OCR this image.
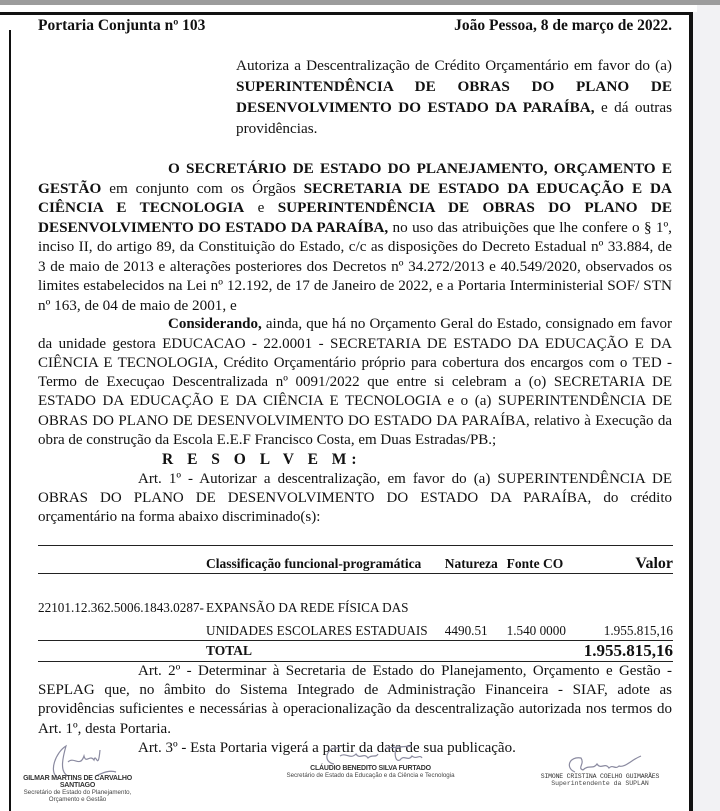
Portaria Conjunta nº 103	João Pessoa, 8 de março de 2022.

Autoriza a Descentralização de Crédito Orçamentário em favor do (a) SUPERINTENDÊNCIA DE OBRAS DO PLANO DE DESENVOLVIMENTO DO ESTADO DA PARAÍBA, e dá outras providências.

O SECRETÁRIO DE ESTADO DO PLANEJAMENTO, ORÇAMENTO E GESTÃO em conjunto com os Órgãos SECRETARIA DE ESTADO DA EDUCAÇÃO E DA CIÊNCIA E TECNOLOGIA e SUPERINTENDÊNCIA DE OBRAS DO PLANO DE DESENVOLVIMENTO DO ESTADO DA PARAÍBA, no uso das atribuições que lhe confere o § 1º, inciso II, do artigo 89, da Constituição do Estado, c/c as disposições do Decreto Estadual nº 33.884, de 3 de maio de 2013 e alterações posteriores dos Decretos nº 34.272/2013 e 40.549/2020, observados os limites estabelecidos na Lei nº 12.192, de 17 de Janeiro de 2022, e a Portaria Interministerial SOF/ STN nº 163, de 04 de maio de 2001, e

Considerando, ainda, que há no Orçamento Geral do Estado, consignado em favor da unidade gestora EDUCACAO - 22.0001 - SECRETARIA DE ESTADO DA EDUCAÇÃO E DA CIÊNCIA E TECNOLOGIA, Crédito Orçamentário próprio para cobertura dos encargos com o TED - Termo de Execuçao Descentralizada nº 0091/2022 que entre si celebram a (o) SECRETARIA DE ESTADO DA EDUCAÇÃO E DA CIÊNCIA E TECNOLOGIA e o (a) SUPERINTENDÊNCIA DE OBRAS DO PLANO DE DESENVOLVIMENTO DO ESTADO DA PARAÍBA, relativo à Execução da obra de construção da Escola E.E.F Francisco Costa, em Duas Estradas/PB.;

R E S O L V E M:

Art. 1º - Autorizar a descentralização, em favor do (a) SUPERINTENDÊNCIA DE OBRAS DO PLANO DE DESENVOLVIMENTO DO ESTADO DA PARAÍBA, do crédito orçamentário na forma abaixo discriminado(s):

	Classificação funcional-programática	Natureza	Fonte CO	Valor

22101.12.362.5006.1843.0287-	EXPANSÃO DA REDE FÍSICA DAS			
	UNIDADES ESCOLARES ESTADUAIS	4490.51	1.540 0000	1.955.815,16
	TOTAL			1.955.815,16

Art. 2º - Determinar à Secretaria de Estado do Planejamento, Orçamento e Gestão - SEPLAG que, no âmbito do Sistema Integrado de Administração Financeira - SIAF, adote as providências suficientes e necessárias à operacionalização da descentralização autorizada nos termos do Art. 1º, desta Portaria.

Art. 3º - Esta Portaria vigerá a partir da data de sua publicação.

GILMAR MARTINS DE CARVALHO SANTIAGO
Secretário de Estado do Planejamento, Orçamento e Gestão
CLÁUDIO BENEDITO SILVA FURTADO
Secretário de Estado da Educação e da Ciência e Tecnologia	SIMONE CRISTINA COELHO GUIMARÃES
Superintendente da SUPLAN
